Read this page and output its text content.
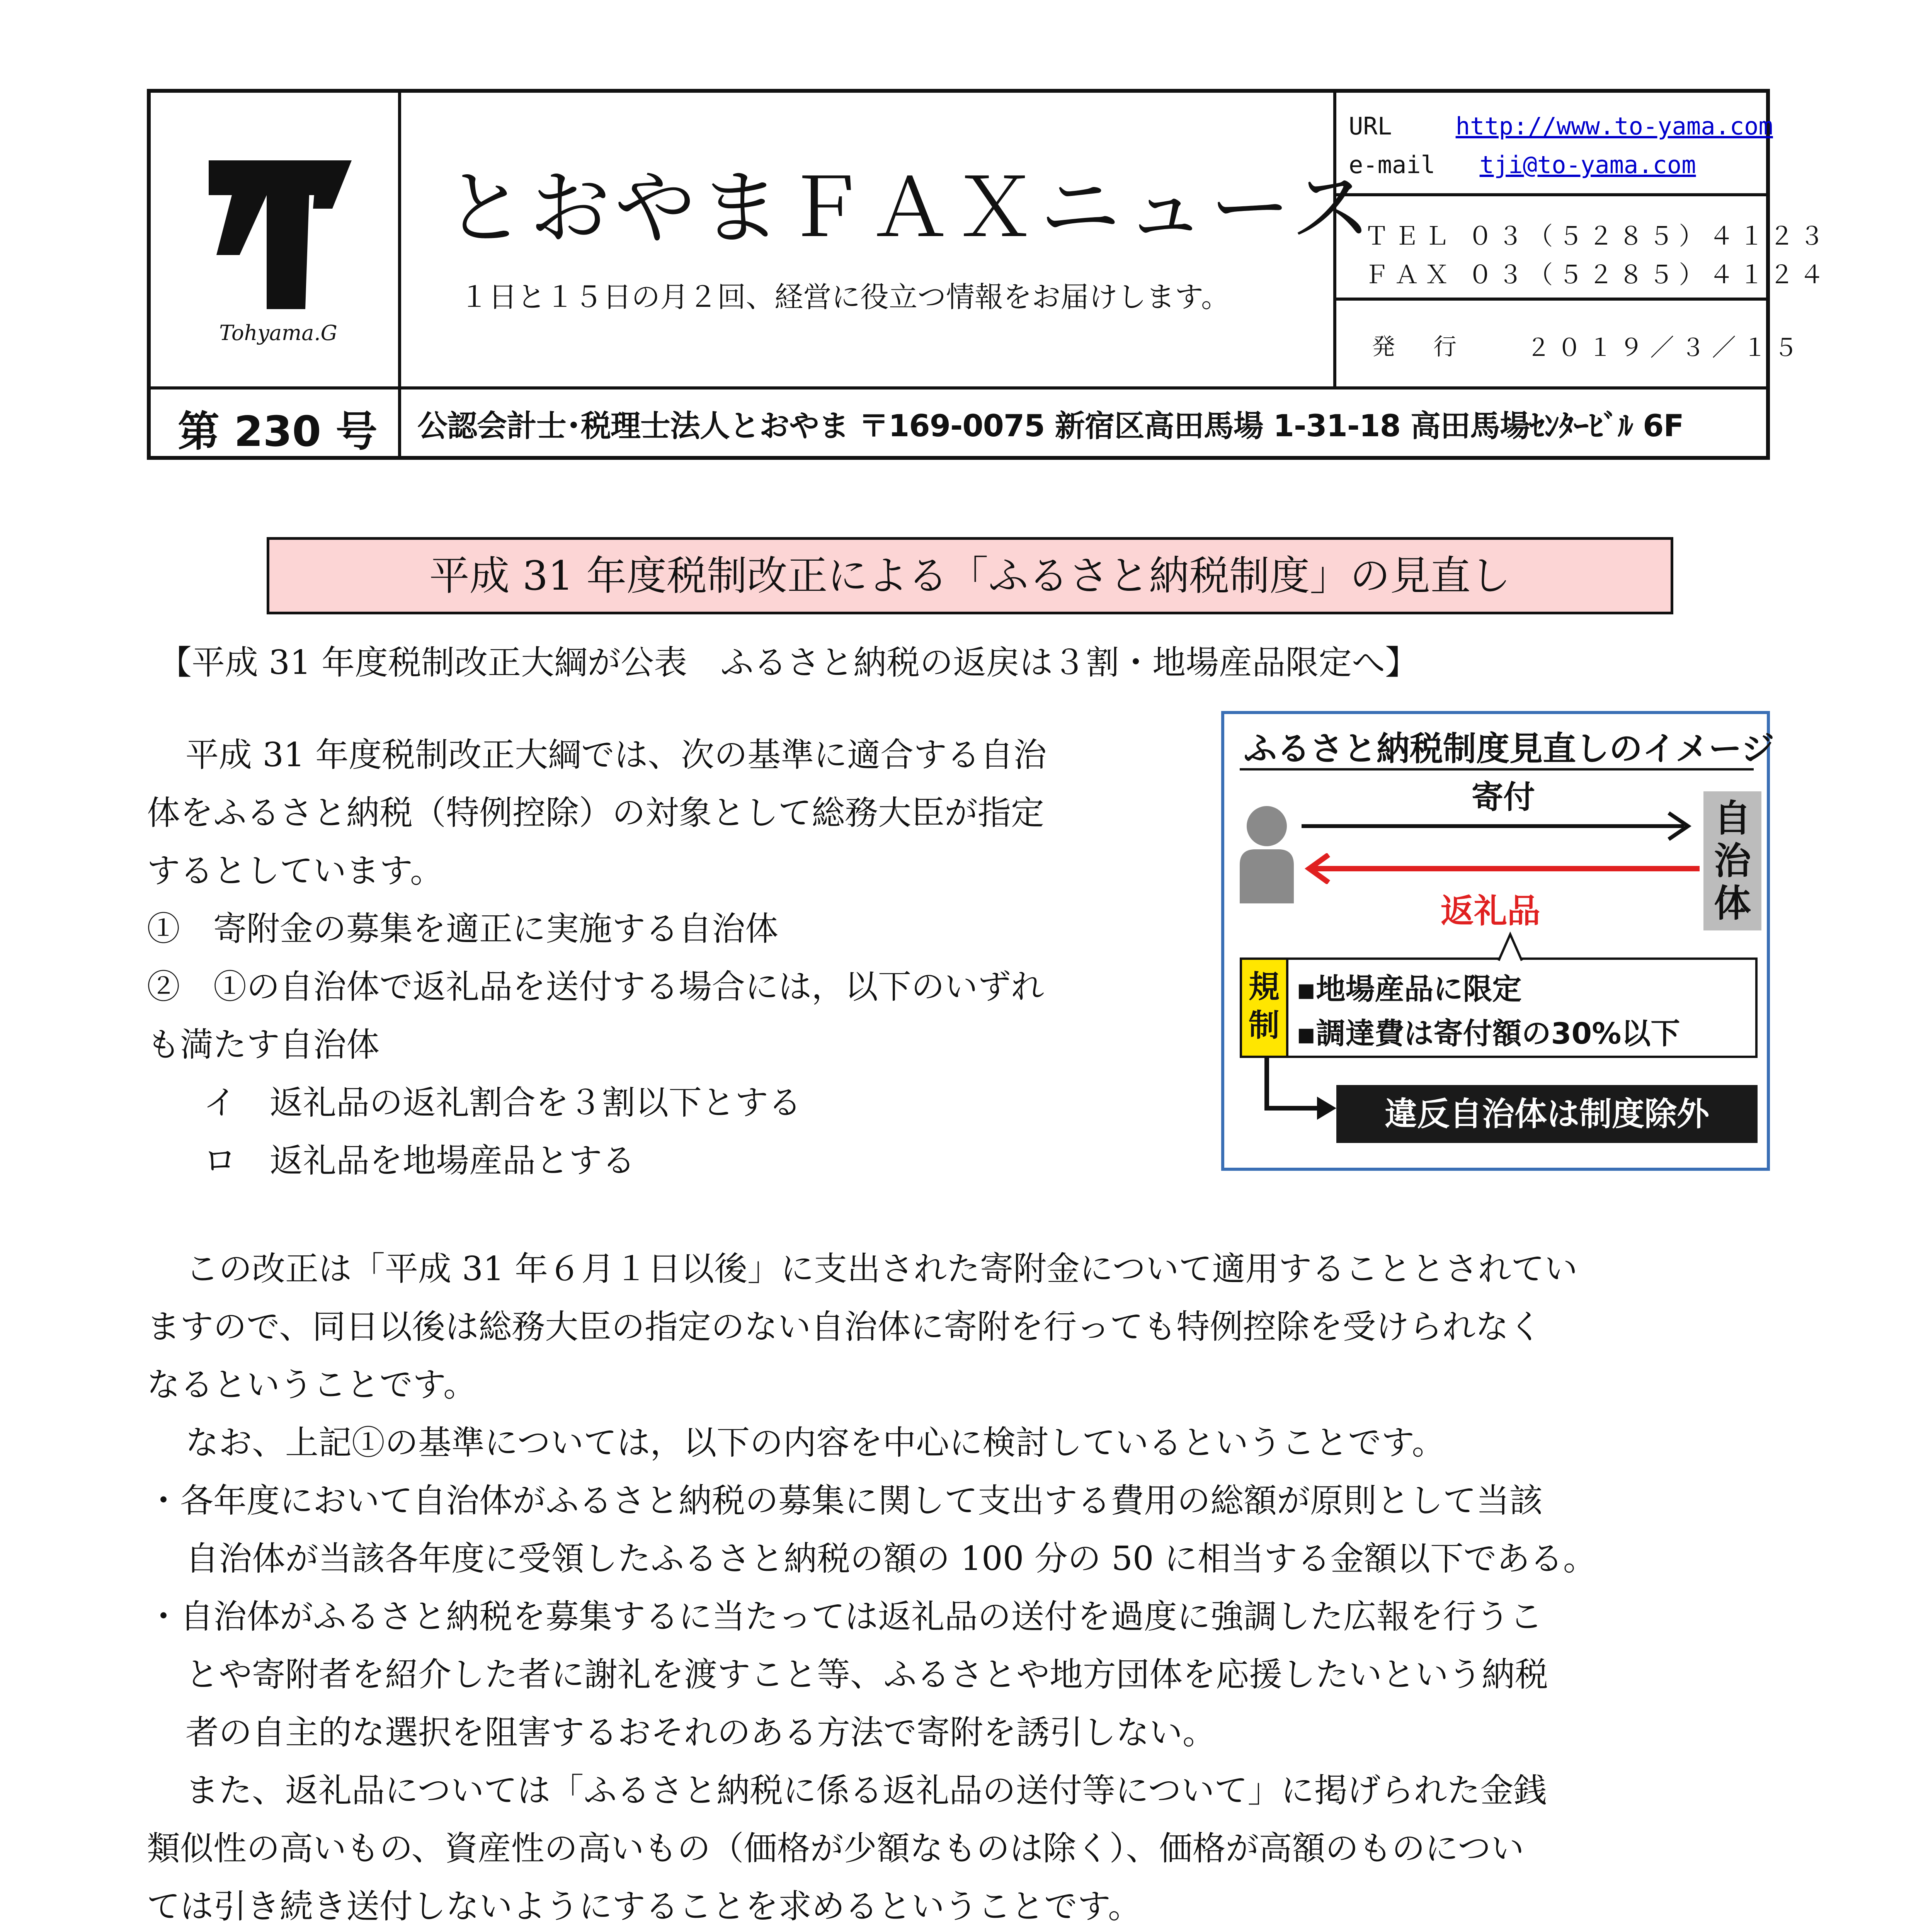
Tohyama.G
とおやまＦＡＸニュース
１日と１５日の月２回、経営に役立つ情報をお届けします。
URL	http://www.to-yama.com
e-mail tji@to-yama.com
ＴＥＬ ０３（５２８５）４１２３
ＦＡＸ ０３（５２８５）４１２４
発 行 ２０１９／３／１５
第 230 号 公認会計士･税理士法人とおやま 〒169-0075 新宿区高田馬場 1-31-18 高田馬場ｾﾝﾀｰﾋﾞﾙ 6F
平成 31 年度税制改正による「ふるさと納税制度」の見直し
【平成 31 年度税制改正大綱が公表　ふるさと納税の返戻は３割・地場産品限定へ】
平成 31 年度税制改正大綱では、次の基準に適合する自治
体をふるさと納税（特例控除）の対象として総務大臣が指定
するとしています。
①　寄附金の募集を適正に実施する自治体
②　①の自治体で返礼品を送付する場合には，以下のいずれ
も満たす自治体
　イ　返礼品の返礼割合を３割以下とする
　ロ　返礼品を地場産品とする
ふるさと納税制度見直しのイメージ
寄付
返礼品
自
治
体
規
制
▪地場産品に限定
▪調達費は寄付額の30%以下
違反自治体は制度除外
この改正は「平成 31 年６月１日以後」に支出された寄附金について適用することとされてい
ますので、同日以後は総務大臣の指定のない自治体に寄附を行っても特例控除を受けられなく
なるということです。
なお、上記①の基準については，以下の内容を中心に検討しているということです。
・各年度において自治体がふるさと納税の募集に関して支出する費用の総額が原則として当該
自治体が当該各年度に受領したふるさと納税の額の 100 分の 50 に相当する金額以下である。
・自治体がふるさと納税を募集するに当たっては返礼品の送付を過度に強調した広報を行うこ
とや寄附者を紹介した者に謝礼を渡すこと等、ふるさとや地方団体を応援したいという納税
者の自主的な選択を阻害するおそれのある方法で寄附を誘引しない。
また、返礼品については「ふるさと納税に係る返礼品の送付等について」に掲げられた金銭
類似性の高いもの、資産性の高いもの（価格が少額なものは除く）、価格が高額のものについ
ては引き続き送付しないようにすることを求めるということです。
